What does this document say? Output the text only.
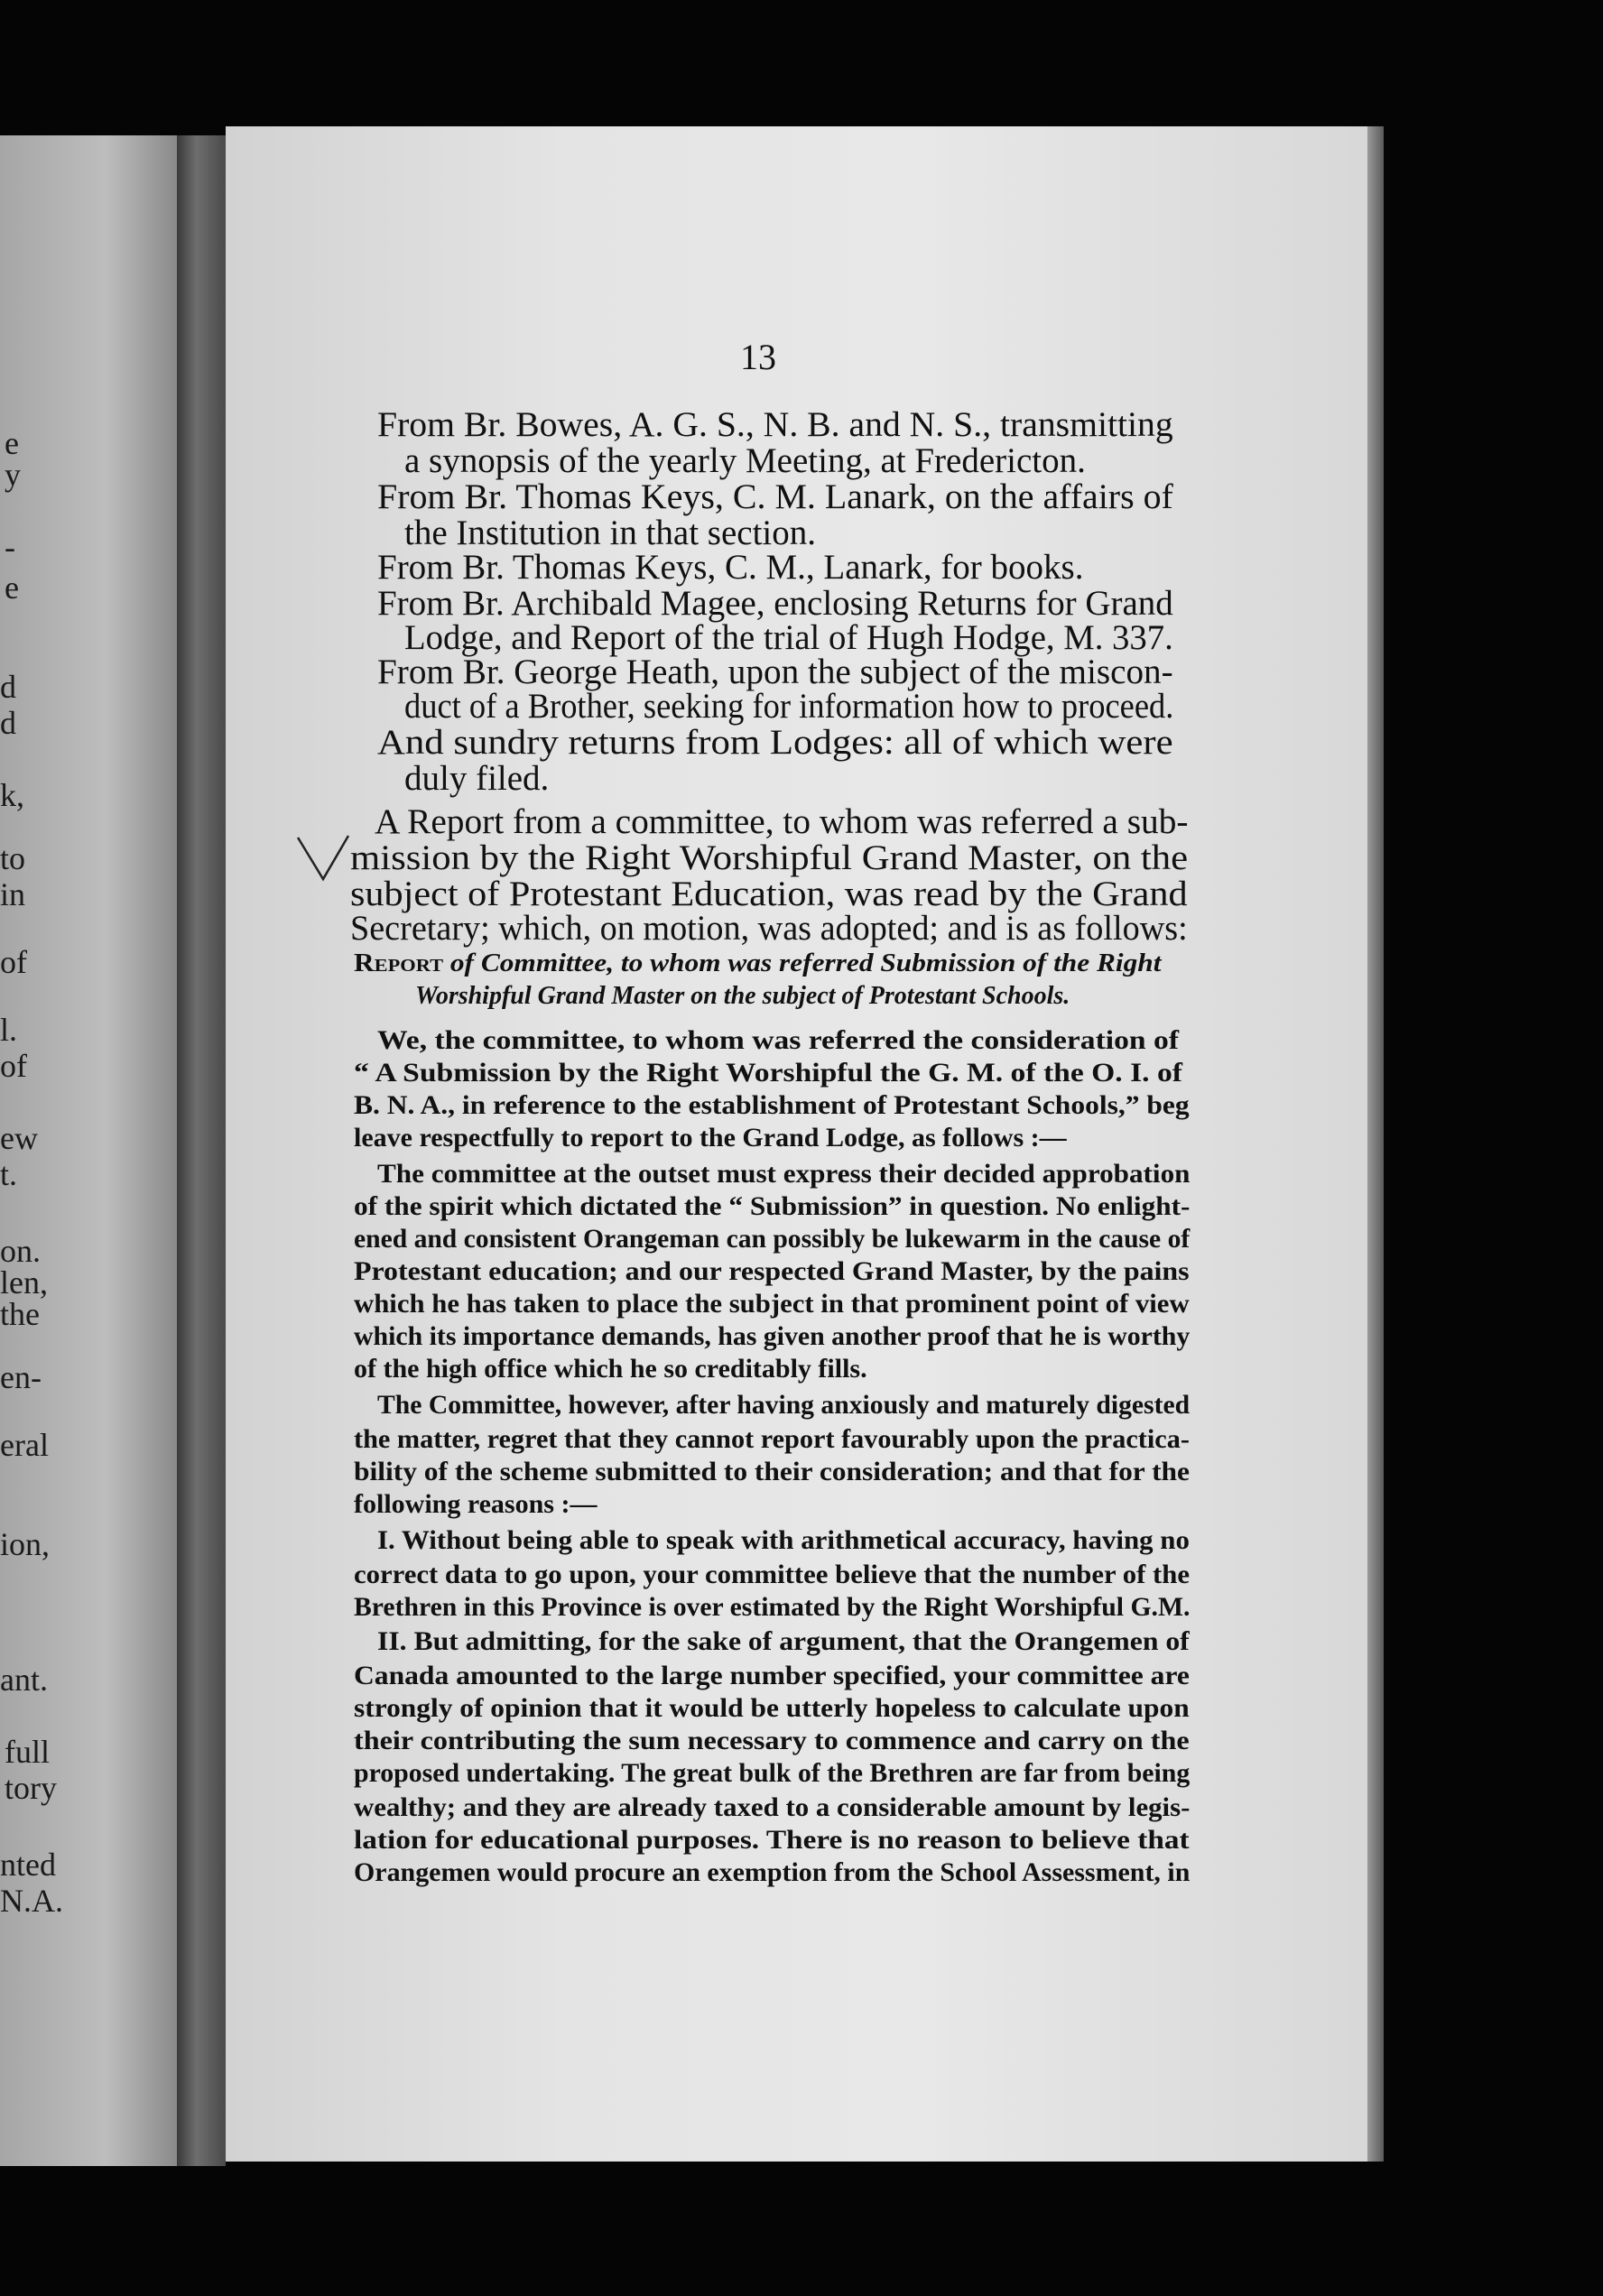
e
y
-
e
d
d
k,
to
in
of
l.
of
ew
t.
on.
len,
the
en-
eral
ion,
ant.
full
tory
nted
N.A.
13
From Br. Bowes, A. G. S., N. B. and N. S., transmitting
a synopsis of the yearly Meeting, at Fredericton.
From Br. Thomas Keys, C. M. Lanark, on the affairs of
the Institution in that section.
From Br. Thomas Keys, C. M., Lanark, for books.
From Br. Archibald Magee, enclosing Returns for Grand
Lodge, and Report of the trial of Hugh Hodge, M. 337.
From Br. George Heath, upon the subject of the miscon-
duct of a Brother, seeking for information how to proceed.
And sundry returns from Lodges: all of which were
duly filed.
A Report from a committee, to whom was referred a sub-
mission by the Right Worshipful Grand Master, on the
subject of Protestant Education, was read by the Grand
Secretary; which, on motion, was adopted; and is as follows:
Report of Committee, to whom was referred Submission of the Right
Worshipful Grand Master on the subject of Protestant Schools.
We, the committee, to whom was referred the consideration of
“ A Submission by the Right Worshipful the G. M. of the O. I. of
B. N. A., in reference to the establishment of Protestant Schools,” beg
leave respectfully to report to the Grand Lodge, as follows :—
The committee at the outset must express their decided approbation
of the spirit which dictated the “ Submission” in question. No enlight-
ened and consistent Orangeman can possibly be lukewarm in the cause of
Protestant education; and our respected Grand Master, by the pains
which he has taken to place the subject in that prominent point of view
which its importance demands, has given another proof that he is worthy
of the high office which he so creditably fills.
The Committee, however, after having anxiously and maturely digested
the matter, regret that they cannot report favourably upon the practica-
bility of the scheme submitted to their consideration; and that for the
following reasons :—
I. Without being able to speak with arithmetical accuracy, having no
correct data to go upon, your committee believe that the number of the
Brethren in this Province is over estimated by the Right Worshipful G.M.
II. But admitting, for the sake of argument, that the Orangemen of
Canada amounted to the large number specified, your committee are
strongly of opinion that it would be utterly hopeless to calculate upon
their contributing the sum necessary to commence and carry on the
proposed undertaking. The great bulk of the Brethren are far from being
wealthy; and they are already taxed to a considerable amount by legis-
lation for educational purposes. There is no reason to believe that
Orangemen would procure an exemption from the School Assessment, in
